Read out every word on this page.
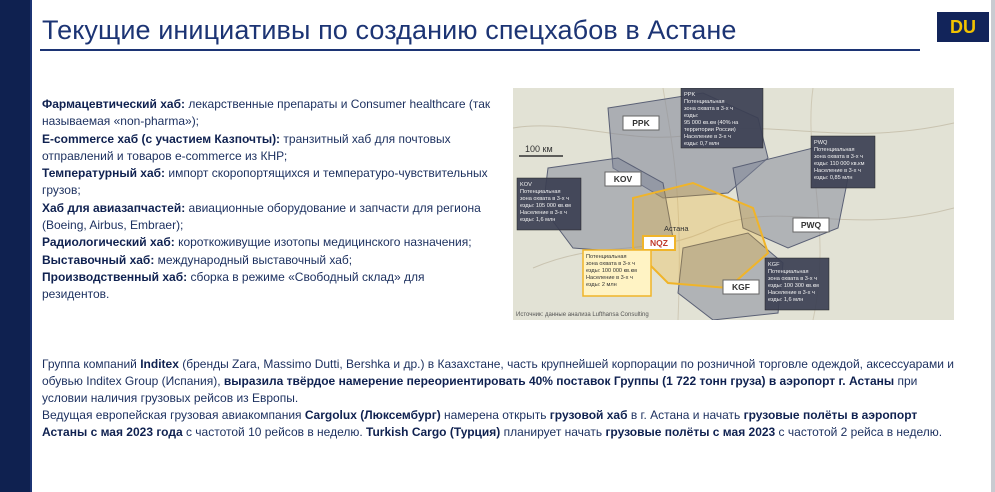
Текущие инициативы по созданию спецхабов в Астане	DU
Фармацевтический хаб: лекарственные препараты и Consumer healthcare (так называемая «non-pharma»);
E-commerce хаб (с участием Казпочты): транзитный хаб для почтовых отправлений и товаров e-commerce из КНР;
Температурный хаб: импорт скоропортящихся и температуро-чувствительных грузов;
Хаб для авиазапчастей: авиационные оборудование и запчасти для региона (Boeing, Airbus, Embraer);
Радиологический хаб: короткоживущие изотопы медицинского назначения;
Выставочный хаб: международный выставочный хаб;
Производственный хаб: сборка в режиме «Свободный склад» для резидентов.
100 км
PPK
KOV
PWQ
NQZ
KGF
PPK
Потенциальная
зона охвата в 3-х ч
езды:
95 000 кв.км (40% на
территории России)
Население в 3-х ч
езды: 0,7 млн
KOV
Потенциальная
зона охвата в 3-х ч
езды: 105 000 кв.км
Население в 3-х ч
езды: 1,6 млн
PWQ
Потенциальная
зона охвата в 3-х ч
езды: 110 000 кв.км
Население в 3-х ч
езды: 0,85 млн
Потенциальная
зона охвата в 3-х ч
езды: 100 000 кв.км
Население в 3-х ч
езды: 2 млн
KGF
Потенциальная
зона охвата в 3-х ч
езды: 100 300 кв.км
Население в 3-х ч
езды: 1,6 млн
Астана
Источник: данные анализа Lufthansa Consulting

Группа компаний Inditex (бренды Zara, Massimo Dutti, Bershka и др.) в Казахстане, часть крупнейшей корпорации по розничной торговле одеждой, аксессуарами и обувью Inditex Group (Испания), выразила твёрдое намерение переориентировать 40% поставок Группы (1 722 тонн груза) в аэропорт г. Астаны при условии наличия грузовых рейсов из Европы.

Ведущая европейская грузовая авиакомпания Cargolux (Люксембург) намерена открыть грузовой хаб в г. Астана и начать грузовые полёты в аэропорт Астаны с мая 2023 года с частотой 10 рейсов в неделю. Turkish Cargo (Турция) планирует начать грузовые полёты с мая 2023 с частотой 2 рейса в неделю.
